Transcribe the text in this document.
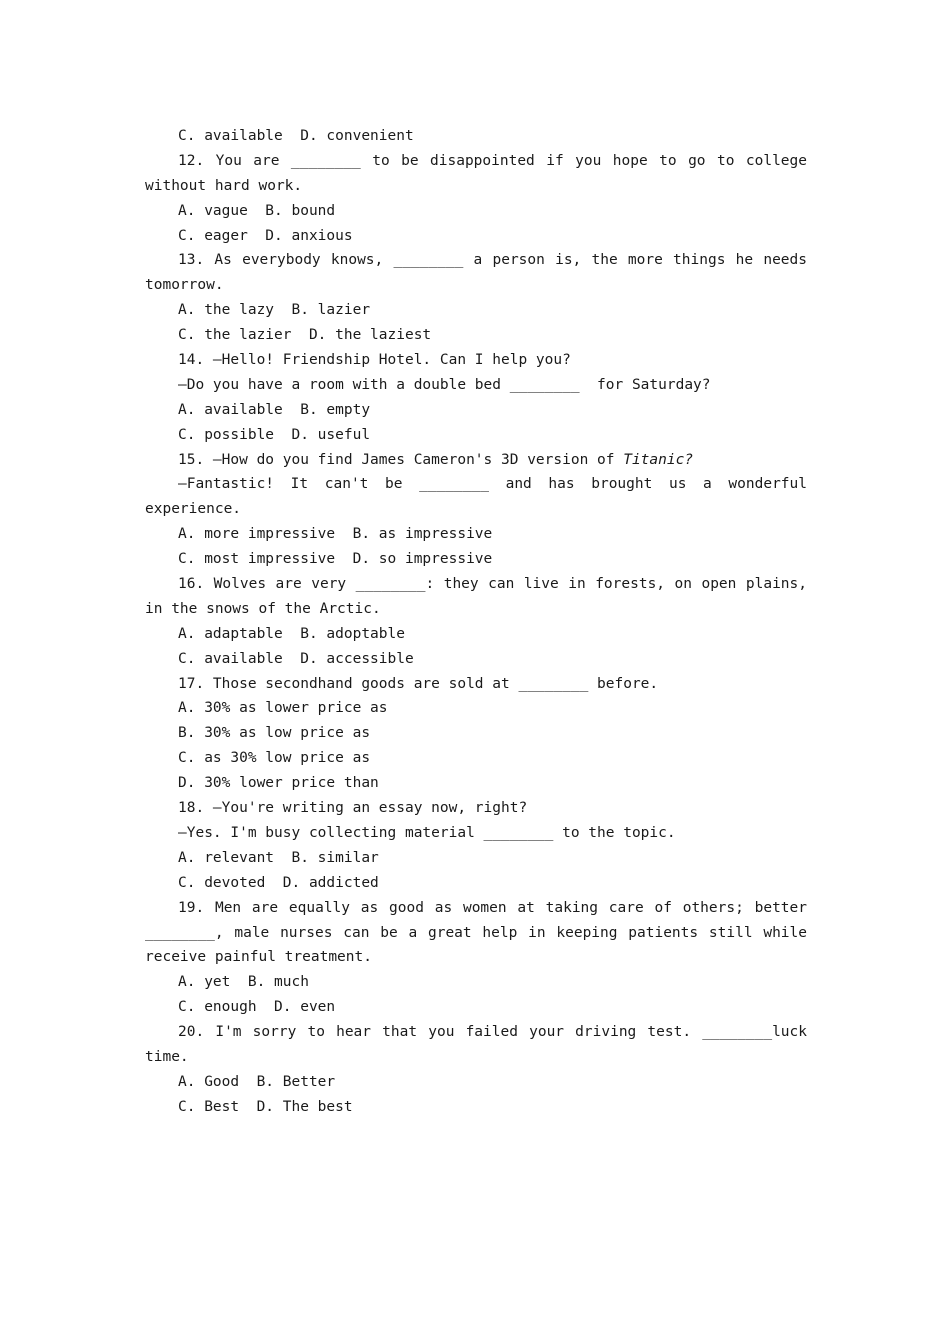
C. available  D. convenient
12. You are ________ to be disappointed if you hope to go to college
without hard work.
A. vague  B. bound
C. eager  D. anxious
13. As everybody knows, ________ a person is, the more things he needs
tomorrow.
A. the lazy  B. lazier
C. the lazier  D. the laziest
14. —Hello! Friendship Hotel. Can I help you?
—Do you have a room with a double bed ________  for Saturday?
A. available  B. empty
C. possible  D. useful
15. —How do you find James Cameron's 3D version of Titanic?
—Fantastic! It can't be ________ and has brought us a wonderful
experience.
A. more impressive  B. as impressive
C. most impressive  D. so impressive
16. Wolves are very ________: they can live in forests, on open plains,
in the snows of the Arctic.
A. adaptable  B. adoptable
C. available  D. accessible
17. Those secondhand goods are sold at ________ before.
A. 30% as lower price as
B. 30% as low price as
C. as 30% low price as
D. 30% lower price than
18. —You're writing an essay now, right?
—Yes. I'm busy collecting material ________ to the topic.
A. relevant  B. similar
C. devoted  D. addicted
19. Men are equally as good as women at taking care of others; better
________, male nurses can be a great help in keeping patients still while
receive painful treatment.
A. yet  B. much
C. enough  D. even
20. I'm sorry to hear that you failed your driving test. ________luck
time.
A. Good  B. Better
C. Best  D. The best
